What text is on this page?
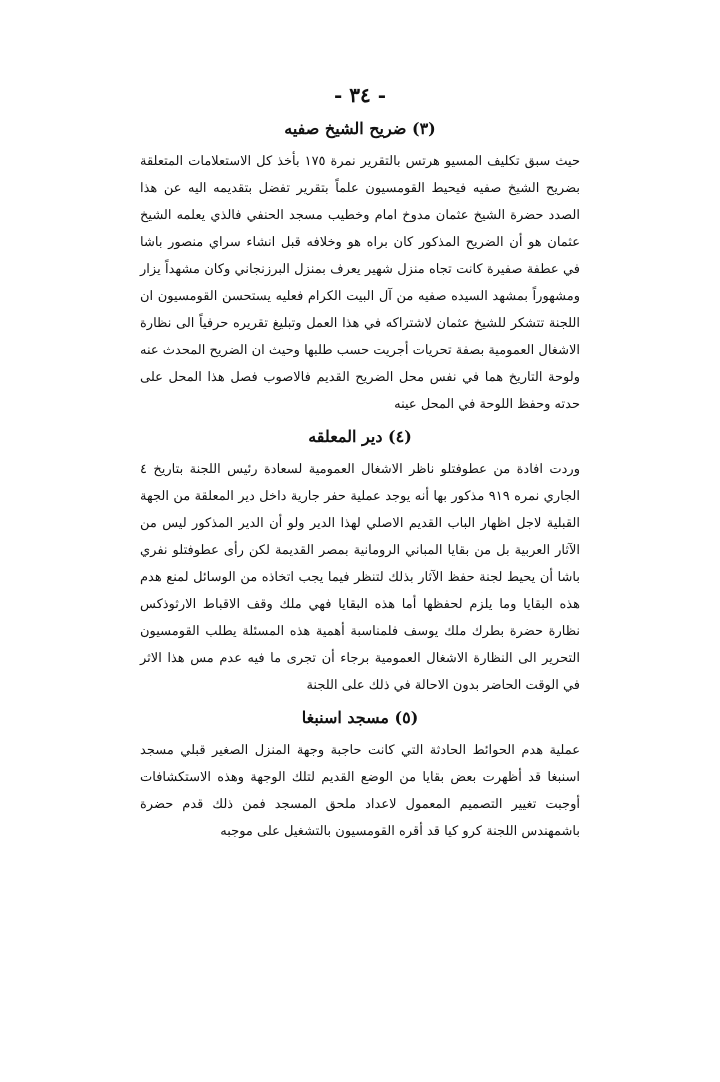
- ٣٤ -
(٣) ضريح الشيخ صفيه

حيث سبق تكليف المسيو هرتس بالتقرير نمرة ١٧٥ بأخذ كل الاستعلامات المتعلقة بضريح الشيخ صفيه فيحيط القومسيون علماً بتقرير تفضل بتقديمه اليه عن هذا الصدد حضرة الشيخ عثمان مدوخ امام وخطيب مسجد الحنفي فالذي يعلمه الشيخ عثمان هو أن الضريح المذكور كان براه هو وخلافه قبل انشاء سراي منصور باشا في عطفة صفيرة كانت تجاه منزل شهير يعرف بمنزل البرزنجاني وكان مشهداً يزار ومشهوراً بمشهد السيده صفيه من آل البيت الكرام فعليه يستحسن القومسيون ان اللجنة تتشكر للشيخ عثمان لاشتراكه في هذا العمل وتبليغ تقريره حرفياً الى نظارة الاشغال العمومية بصفة تحريات أجريت حسب طلبها وحيث ان الضريح المحدث عنه ولوحة التاريخ هما في نفس محل الضريح القديم فالاصوب فصل هذا المحل على حدته وحفظ اللوحة في المحل عينه

(٤) دير المعلقه

وردت افادة من عطوفتلو ناظر الاشغال العمومية لسعادة رئيس اللجنة بتاريخ ٤ الجاري نمره ٩١٩ مذكور بها أنه يوجد عملية حفر جارية داخل دير المعلقة من الجهة القبلية لاجل اظهار الباب القديم الاصلي لهذا الدير ولو أن الدير المذكور ليس من الآثار العربية بل من بقايا المباني الرومانية بمصر القديمة لكن رأى عطوفتلو نفري باشا أن يحيط لجنة حفظ الآثار بذلك لتنظر فيما يجب اتخاذه من الوسائل لمنع هدم هذه البقايا وما يلزم لحفظها أما هذه البقايا فهي ملك وقف الاقباط الارثوذكس نظارة حضرة بطرك ملك يوسف فلمناسبة أهمية هذه المسئلة يطلب القومسيون التحرير الى النظارة الاشغال العمومية برجاء أن تجرى ما فيه عدم مس هذا الاثر في الوقت الحاضر بدون الاحالة في ذلك على اللجنة

(٥) مسجد اسنبغا

عملية هدم الحوائط الحادثة التي كانت حاجبة وجهة المنزل الصغير قبلي مسجد اسنبغا قد أظهرت بعض بقايا من الوضع القديم لتلك الوجهة وهذه الاستكشافات أوجبت تغيير التصميم المعمول لاعداد ملحق المسجد فمن ذلك قدم حضرة باشمهندس اللجنة كرو كيا قد أقره القومسيون بالتشغيل على موجبه
